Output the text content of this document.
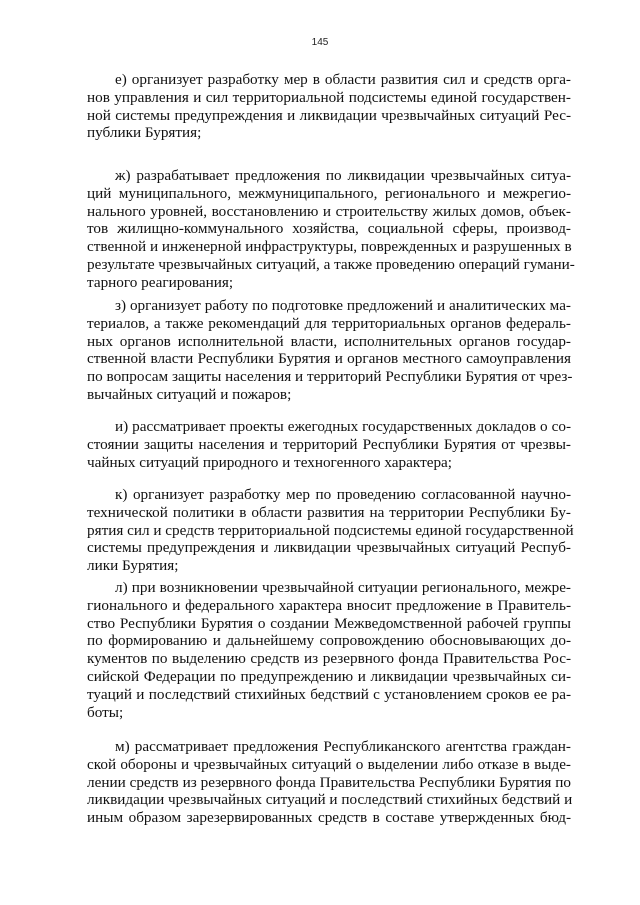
145

е) организует разработку мер в области развития сил и средств орга-
нов управления и сил территориальной подсистемы единой государствен-
ной системы предупреждения и ликвидации чрезвычайных ситуаций Рес-
публики Бурятия;

ж) разрабатывает предложения по ликвидации чрезвычайных ситуа-
ций муниципального, межмуниципального, регионального и межрегио-
нального уровней, восстановлению и строительству жилых домов, объек-
тов жилищно-коммунального хозяйства, социальной сферы, производ-
ственной и инженерной инфраструктуры, поврежденных и разрушенных в
результате чрезвычайных ситуаций, а также проведению операций гумани-
тарного реагирования;

з) организует работу по подготовке предложений и аналитических ма-
териалов, а также рекомендаций для территориальных органов федераль-
ных органов исполнительной власти, исполнительных органов государ-
ственной власти Республики Бурятия и органов местного самоуправления
по вопросам защиты населения и территорий Республики Бурятия от чрез-
вычайных ситуаций и пожаров;

и) рассматривает проекты ежегодных государственных докладов о со-
стоянии защиты населения и территорий Республики Бурятия от чрезвы-
чайных ситуаций природного и техногенного характера;

к) организует разработку мер по проведению согласованной научно-
технической политики в области развития на территории Республики Бу-
рятия сил и средств территориальной подсистемы единой государственной
системы предупреждения и ликвидации чрезвычайных ситуаций Респуб-
лики Бурятия;

л) при возникновении чрезвычайной ситуации регионального, межре-
гионального и федерального характера вносит предложение в Правитель-
ство Республики Бурятия о создании Межведомственной рабочей группы
по формированию и дальнейшему сопровождению обосновывающих до-
кументов по выделению средств из резервного фонда Правительства Рос-
сийской Федерации по предупреждению и ликвидации чрезвычайных си-
туаций и последствий стихийных бедствий с установлением сроков ее ра-
боты;

м) рассматривает предложения Республиканского агентства граждан-
ской обороны и чрезвычайных ситуаций о выделении либо отказе в выде-
лении средств из резервного фонда Правительства Республики Бурятия по
ликвидации чрезвычайных ситуаций и последствий стихийных бедствий и
иным образом зарезервированных средств в составе утвержденных бюд-
